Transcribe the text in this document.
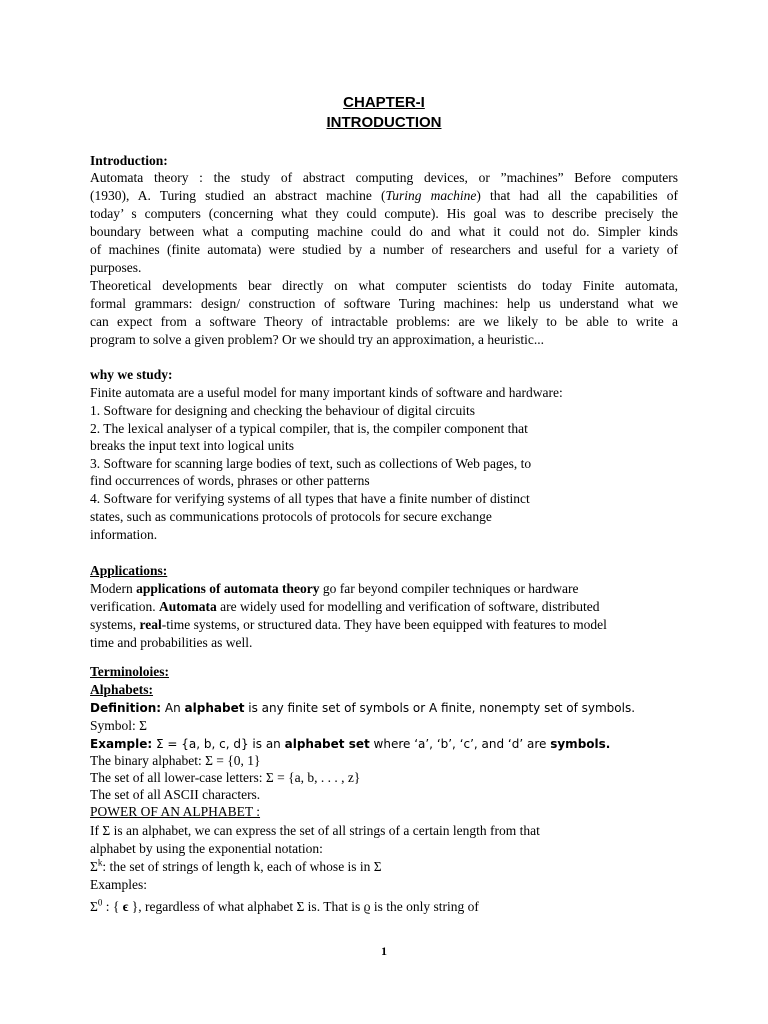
CHAPTER-I
INTRODUCTION
Introduction:
Automata theory : the study of abstract computing devices, or ”machines” Before computers
(1930), A. Turing studied an abstract machine (Turing machine) that had all the capabilities of
today’ s computers (concerning what they could compute). His goal was to describe precisely the
boundary between what a computing machine could do and what it could not do. Simpler kinds
of machines (finite automata) were studied by a number of researchers and useful for a variety of
purposes.
Theoretical developments bear directly on what computer scientists do today Finite automata,
formal grammars: design/ construction of software Turing machines: help us understand what we
can expect from a software Theory of intractable problems: are we likely to be able to write a
program to solve a given problem? Or we should try an approximation, a heuristic...
why we study:
Finite automata are a useful model for many important kinds of software and hardware:
1. Software for designing and checking the behaviour of digital circuits
2. The lexical analyser of a typical compiler, that is, the compiler component that
breaks the input text into logical units
3. Software for scanning large bodies of text, such as collections of Web pages, to
find occurrences of words, phrases or other patterns
4. Software for verifying systems of all types that have a finite number of distinct
states, such as communications protocols of protocols for secure exchange
information.
Applications:
Modern applications of automata theory go far beyond compiler techniques or hardware
verification. Automata are widely used for modelling and verification of software, distributed
systems, real-time systems, or structured data. They have been equipped with features to model
time and probabilities as well.
Terminoloies:
Alphabets:
Definition: An alphabet is any finite set of symbols or A finite, nonempty set of symbols.
Symbol: Σ
Example: Σ = {a, b, c, d} is an alphabet set where ‘a’, ‘b’, ‘c’, and ‘d’ are symbols.
The binary alphabet: Σ = {0, 1}
The set of all lower-case letters: Σ = {a, b, . . . , z}
The set of all ASCII characters.
POWER OF AN ALPHABET :
If Σ is an alphabet, we can express the set of all strings of a certain length from that
alphabet by using the exponential notation:
$\Sigma^k$: the set of strings of length k, each of whose is in Σ
Examples:
$\Sigma^0$ : { ϵ }, regardless of what alphabet Σ is. That is ϱ is the only string of
1
